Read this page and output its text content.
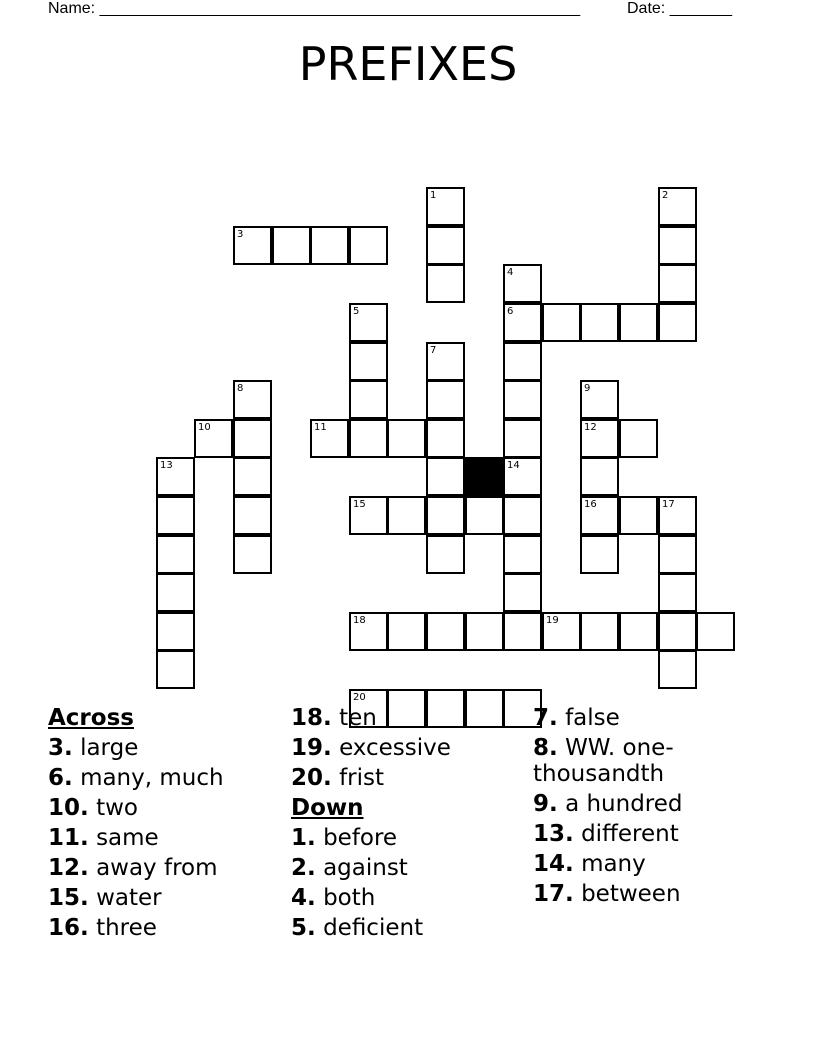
Name: ______________________________________________________	Date: _______
PREFIXES
1	2
3
4
6
5
7
8	9
10	11	12
13	14
15	16	17
18	19
20
Across
3. large
6. many, much
10. two
11. same
12. away from
15. water
16. three
18. ten
19. excessive
20. frist
Down
1. before
2. against
4. both
5. deficient
7. false
8. WW. one-thousandth
9. a hundred
13. different
14. many
17. between
